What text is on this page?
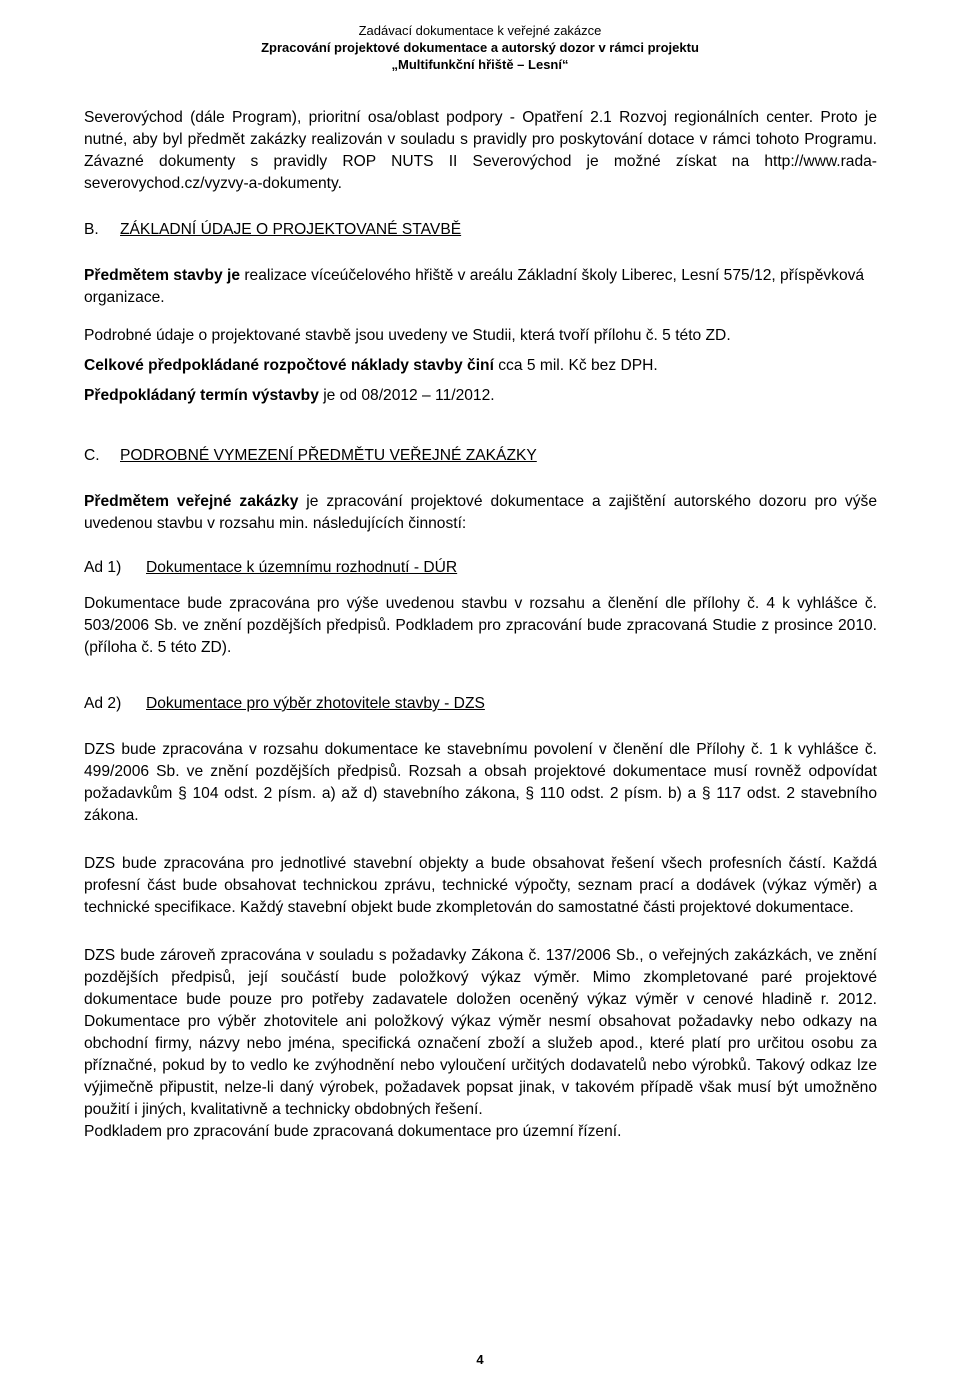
Zadávací dokumentace k veřejné zakázce
Zpracování projektové dokumentace a autorský dozor v rámci projektu
„Multifunkční hřiště – Lesní“

Severovýchod (dále Program), prioritní osa/oblast podpory - Opatření 2.1 Rozvoj regionálních center. Proto je nutné, aby byl předmět zakázky realizován v souladu s pravidly pro poskytování dotace v rámci tohoto Programu. Závazné dokumenty s pravidly ROP NUTS II Severovýchod je možné získat na http://www.rada-severovychod.cz/vyzvy-a-dokumenty.

B. ZÁKLADNÍ ÚDAJE O PROJEKTOVANÉ STAVBĚ

Předmětem stavby je realizace víceúčelového hřiště v areálu Základní školy Liberec, Lesní 575/12, příspěvková organizace.

Podrobné údaje o projektované stavbě jsou uvedeny ve Studii, která tvoří přílohu č. 5 této ZD.

Celkové předpokládané rozpočtové náklady stavby činí cca 5 mil. Kč bez DPH.

Předpokládaný termín výstavby je od 08/2012 – 11/2012.

C. PODROBNÉ VYMEZENÍ PŘEDMĚTU VEŘEJNÉ ZAKÁZKY

Předmětem veřejné zakázky je zpracování projektové dokumentace a zajištění autorského dozoru pro výše uvedenou stavbu v rozsahu min. následujících činností:

Ad 1) Dokumentace k územnímu rozhodnutí - DÚR

Dokumentace bude zpracována pro výše uvedenou stavbu v rozsahu a členění dle přílohy č. 4 k vyhlášce č. 503/2006 Sb. ve znění pozdějších předpisů. Podkladem pro zpracování bude zpracovaná Studie z prosince 2010.(příloha č. 5 této ZD).

Ad 2) Dokumentace pro výběr zhotovitele stavby - DZS

DZS bude zpracována v rozsahu dokumentace ke stavebnímu povolení v členění dle Přílohy č. 1 k vyhlášce č. 499/2006 Sb. ve znění pozdějších předpisů. Rozsah a obsah projektové dokumentace musí rovněž odpovídat požadavkům § 104 odst. 2 písm. a) až d) stavebního zákona, § 110 odst. 2 písm. b) a § 117 odst. 2 stavebního zákona.

DZS bude zpracována pro jednotlivé stavební objekty a bude obsahovat řešení všech profesních částí. Každá profesní část bude obsahovat technickou zprávu, technické výpočty, seznam prací a dodávek (výkaz výměr) a technické specifikace. Každý stavební objekt bude zkompletován do samostatné části projektové dokumentace.

DZS bude zároveň zpracována v souladu s požadavky Zákona č. 137/2006 Sb., o veřejných zakázkách, ve znění pozdějších předpisů, její součástí bude položkový výkaz výměr. Mimo zkompletované paré projektové dokumentace bude pouze pro potřeby zadavatele doložen oceněný výkaz výměr v cenové hladině r. 2012. Dokumentace pro výběr zhotovitele ani položkový výkaz výměr nesmí obsahovat požadavky nebo odkazy na obchodní firmy, názvy nebo jména, specifická označení zboží a služeb apod., které platí pro určitou osobu za příznačné, pokud by to vedlo ke zvýhodnění nebo vyloučení určitých dodavatelů nebo výrobků. Takový odkaz lze výjimečně připustit, nelze-li daný výrobek, požadavek popsat jinak, v takovém případě však musí být umožněno použití i jiných, kvalitativně a technicky obdobných řešení.

Podkladem pro zpracování bude zpracovaná dokumentace pro územní řízení.

4
